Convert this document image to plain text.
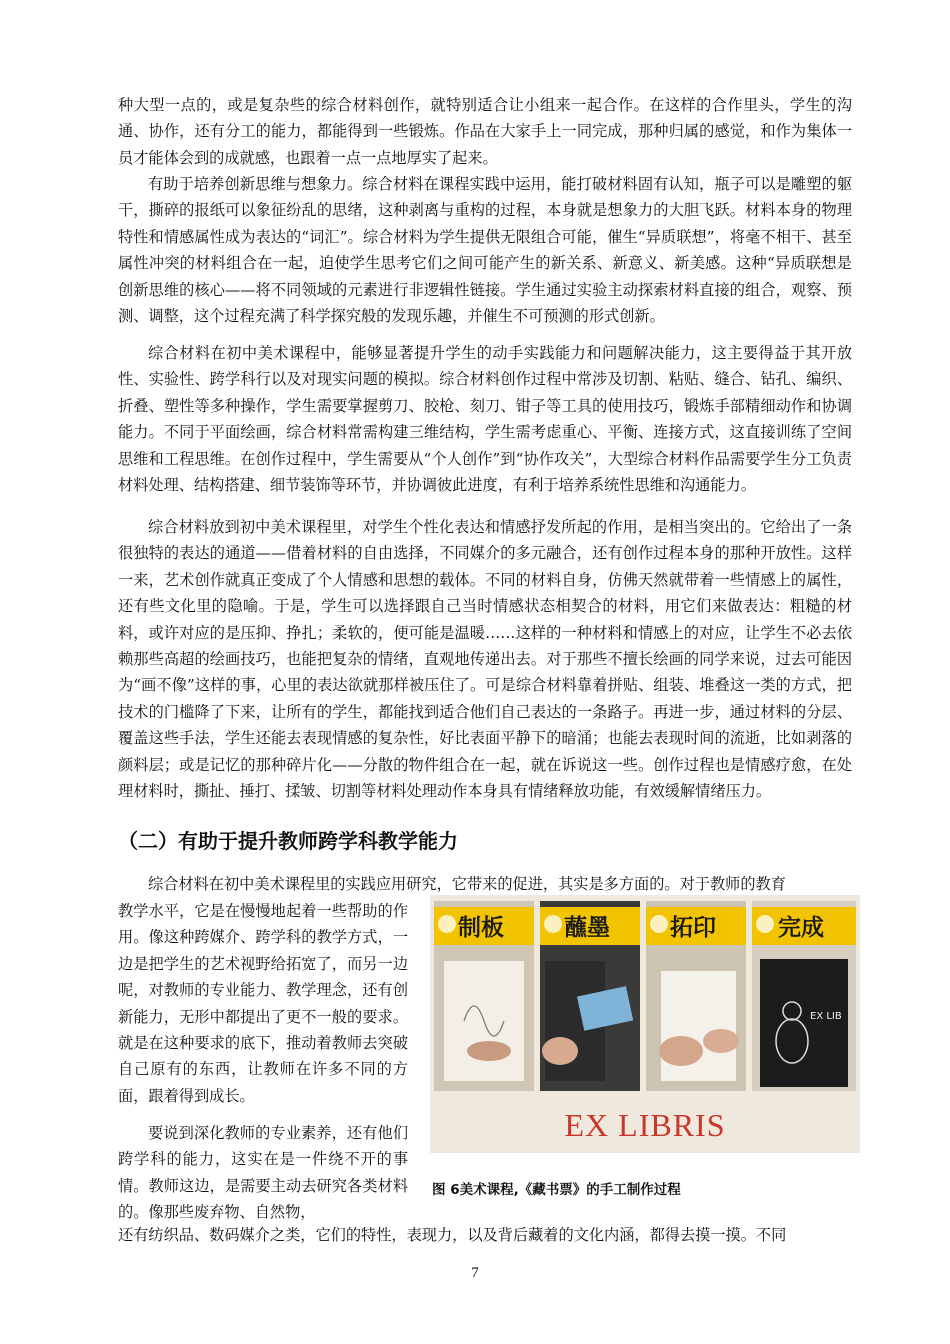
种大型一点的，或是复杂些的综合材料创作，就特别适合让小组来一起合作。在这样的合作里头，学生的沟通、协作，还有分工的能力，都能得到一些锻炼。作品在大家手上一同完成，那种归属的感觉，和作为集体一员才能体会到的成就感，也跟着一点一点地厚实了起来。

有助于培养创新思维与想象力。综合材料在课程实践中运用，能打破材料固有认知，瓶子可以是雕塑的躯干，撕碎的报纸可以象征纷乱的思绪，这种剥离与重构的过程，本身就是想象力的大胆飞跃。材料本身的物理特性和情感属性成为表达的“词汇”。综合材料为学生提供无限组合可能，催生“异质联想”，将毫不相干、甚至属性冲突的材料组合在一起，迫使学生思考它们之间可能产生的新关系、新意义、新美感。这种“异质联想是创新思维的核心——将不同领域的元素进行非逻辑性链接。学生通过实验主动探索材料直接的组合，观察、预测、调整，这个过程充满了科学探究般的发现乐趣，并催生不可预测的形式创新。

综合材料在初中美术课程中，能够显著提升学生的动手实践能力和问题解决能力，这主要得益于其开放性、实验性、跨学科行以及对现实问题的模拟。综合材料创作过程中常涉及切割、粘贴、缝合、钻孔、编织、折叠、塑性等多种操作，学生需要掌握剪刀、胶枪、刻刀、钳子等工具的使用技巧，锻炼手部精细动作和协调能力。不同于平面绘画，综合材料常需构建三维结构，学生需考虑重心、平衡、连接方式，这直接训练了空间思维和工程思维。在创作过程中，学生需要从“个人创作”到“协作攻关”，大型综合材料作品需要学生分工负责材料处理、结构搭建、细节装饰等环节，并协调彼此进度，有利于培养系统性思维和沟通能力。

综合材料放到初中美术课程里，对学生个性化表达和情感抒发所起的作用，是相当突出的。它给出了一条很独特的表达的通道——借着材料的自由选择，不同媒介的多元融合，还有创作过程本身的那种开放性。这样一来，艺术创作就真正变成了个人情感和思想的载体。不同的材料自身，仿佛天然就带着一些情感上的属性，还有些文化里的隐喻。于是，学生可以选择跟自己当时情感状态相契合的材料，用它们来做表达：粗糙的材料，或许对应的是压抑、挣扎；柔软的，便可能是温暖……这样的一种材料和情感上的对应，让学生不必去依赖那些高超的绘画技巧，也能把复杂的情绪，直观地传递出去。对于那些不擅长绘画的同学来说，过去可能因为“画不像”这样的事，心里的表达欲就那样被压住了。可是综合材料靠着拼贴、组装、堆叠这一类的方式，把技术的门槛降了下来，让所有的学生，都能找到适合他们自己表达的一条路子。再进一步，通过材料的分层、覆盖这些手法，学生还能去表现情感的复杂性，好比表面平静下的暗涌；也能去表现时间的流逝，比如剥落的颜料层；或是记忆的那种碎片化——分散的物件组合在一起，就在诉说这一些。创作过程也是情感疗愈，在处理材料时，撕扯、捶打、揉皱、切割等材料处理动作本身具有情绪释放功能，有效缓解情绪压力。

（二）有助于提升教师跨学科教学能力

综合材料在初中美术课程里的实践应用研究，它带来的促进，其实是多方面的。对于教师的教育

教学水平，它是在慢慢地起着一些帮助的作用。像这种跨媒介、跨学科的教学方式，一边是把学生的艺术视野给拓宽了，而另一边呢，对教师的专业能力、教学理念，还有创新能力，无形中都提出了更不一般的要求。就是在这种要求的底下，推动着教师去突破自己原有的东西，让教师在许多不同的方面，跟着得到成长。

要说到深化教师的专业素养，还有他们跨学科的能力，这实在是一件绕不开的事情。教师这边，是需要主动去研究各类材料的。像那些废弃物、自然物，

还有纺织品、数码媒介之类，它们的特性，表现力，以及背后藏着的文化内涵，都得去摸一摸。不同

制板	蘸墨	拓印
EX LIB
完成
EX LIBRIS

图 6美术课程,《藏书票》的手工制作过程

7
